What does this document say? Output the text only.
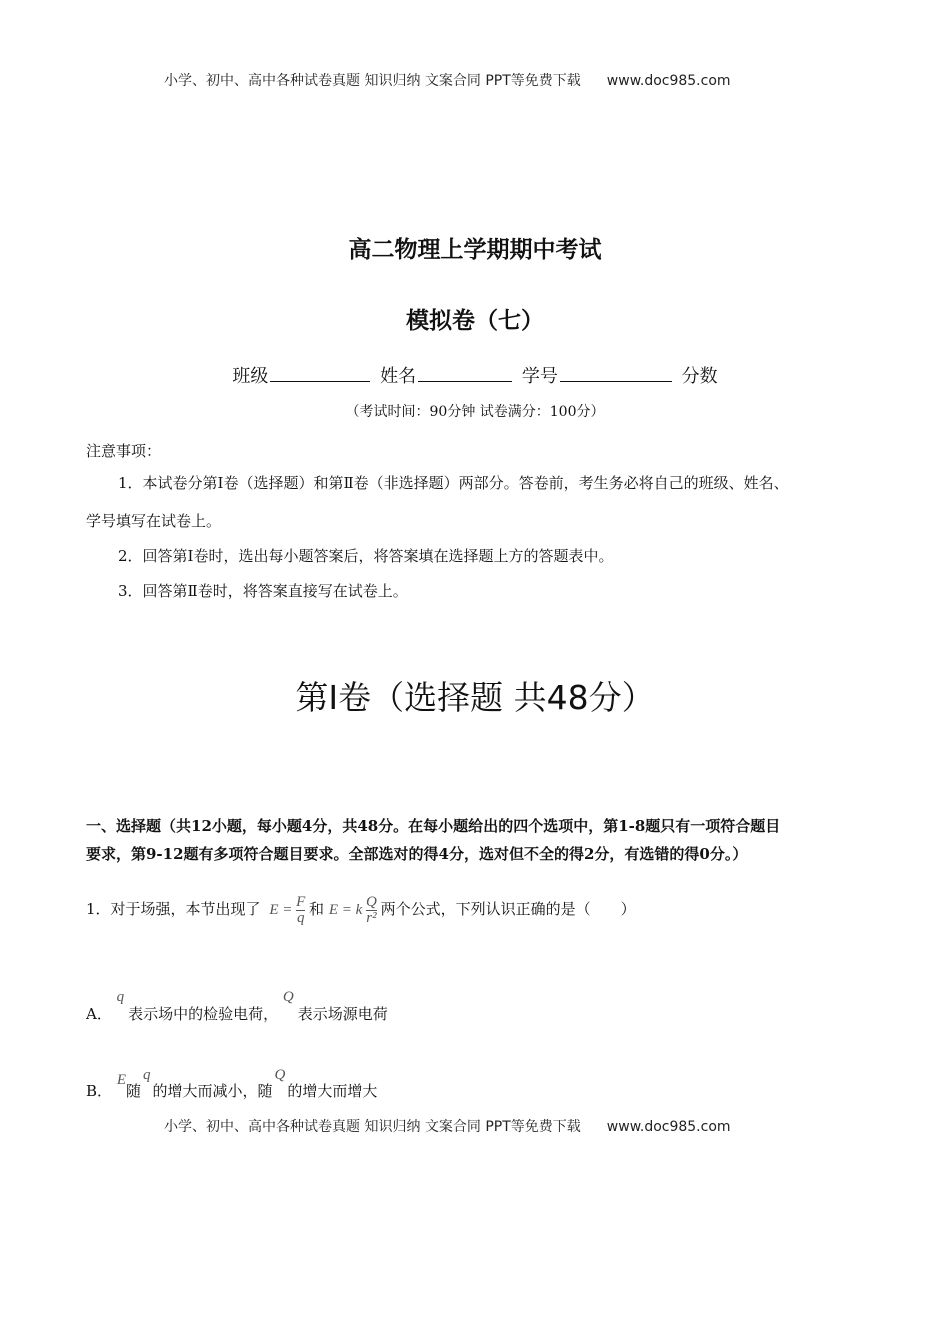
小学、初中、高中各种试卷真题 知识归纳 文案合同 PPT等免费下载 www.doc985.com
高二物理上学期期中考试
模拟卷（七）
班级	姓名	学号	分数
（考试时间：90分钟 试卷满分：100分）
注意事项：
1．本试卷分第Ⅰ卷（选择题）和第Ⅱ卷（非选择题）两部分。答卷前，考生务必将自己的班级、姓名、
学号填写在试卷上。
2．回答第Ⅰ卷时，选出每小题答案后，将答案填在选择题上方的答题表中。
3．回答第Ⅱ卷时，将答案直接写在试卷上。
第Ⅰ卷（选择题 共48分）
一、选择题（共12小题，每小题4分，共48分。在每小题给出的四个选项中，第1-8题只有一项符合题目
要求，第9-12题有多项符合题目要求。全部选对的得4分，选对但不全的得2分，有选错的得0分。）
1．对于场强，本节出现了 $E = \frac{F}{q}$ 和 E = k $\frac{Q}{\text{r²}}$ 两个公式，下列认识正确的是（　　）
A． q表示场中的检验电荷， Q表示场源电荷
B． E随q的增大而减小，随Q的增大而增大
小学、初中、高中各种试卷真题 知识归纳 文案合同 PPT等免费下载 www.doc985.com
